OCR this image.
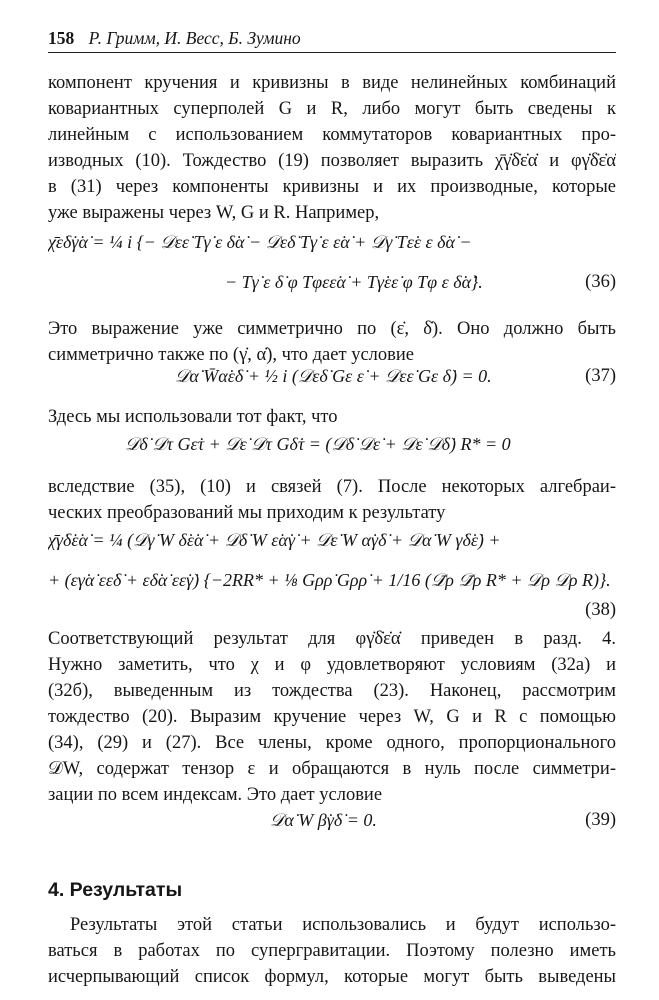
158 Р. Гримм, И. Весс, Б. Зумино
компонент кручения и кривизны в виде нелинейных комбинаций
ковариантных суперполей G и R, либо могут быть сведены к
линейным с использованием коммутаторов ковариантных про-
изводных (10). Тождество (19) позволяет выразить χ̄γ̇δ̇ε̇α̇ и φγ̇δ̇ε̇α̇
в (31) через компоненты кривизны и их производные, которые
уже выражены через W, G и R. Например,
χ̄ε̇δ̇γ̇α̇ = ¼ i {− 𝒟εε̇ Tγ̇ ε δ̇α̇ − 𝒟εδ̇ Tγ̇ ε ε̇α̇ + 𝒟γ̇ Tε̇ε ε δ̇α̇ −
− Tγ̇ ε δ̇ φ Tφεε̇α̇ + Tγ̇εε̇ φ Tφ ε δ̇α̇}.	(36)
Это выражение уже симметрично по (ε̇, δ̇). Оно должно быть
симметрично также по (γ̇, α̇), что дает условие
𝒟α̇ W̄α̇ε̇δ̇ + ½ i (𝒟εδ̇ Gε ε̇ + 𝒟εε̇ Gε δ̇) = 0.	(37)
Здесь мы использовали тот факт, что
𝒟δ̇ 𝒟τ Gε̇τ + 𝒟ε̇ 𝒟τ Gδ̇τ = (𝒟δ̇ 𝒟ε̇ + 𝒟ε̇ 𝒟δ̇) R* = 0
вследствие (35), (10) и связей (7). После некоторых алгебраи-
ческих преобразований мы приходим к результату
χ̄γ̇δ̇ε̇α̇ = ¼ (𝒟γ̇ W δ̇ε̇α̇ + 𝒟δ̇ W ε̇α̇γ̇ + 𝒟ε̇ W α̇γ̇δ̇ + 𝒟α̇ W γ̇δ̇ε̇) +
+ (εγ̇α̇ εε̇δ̇ + εδ̇α̇ εε̇γ̇) {−2RR* + ⅛ Gρρ̇ Gρρ̇ + 1/16 (𝒟̄ρ 𝒟̄ρ R* + 𝒟ρ 𝒟ρ R)}.
(38)
Соответствующий результат для φγ̇δ̇ε̇α̇ приведен в разд. 4.
Нужно заметить, что χ и φ удовлетворяют условиям (32а) и
(32б), выведенным из тождества (23). Наконец, рассмотрим
тождество (20). Выразим кручение через W, G и R с помощью
(34), (29) и (27). Все члены, кроме одного, пропорционального
𝒟W, содержат тензор ε и обращаются в нуль после симметри-
зации по всем индексам. Это дает условие
𝒟α̇ W β̇γ̇δ̇ = 0.	(39)
4. Результаты
Результаты этой статьи использовались и будут использо-
ваться в работах по супергравитации. Поэтому полезно иметь
исчерпывающий список формул, которые могут быть выведены
